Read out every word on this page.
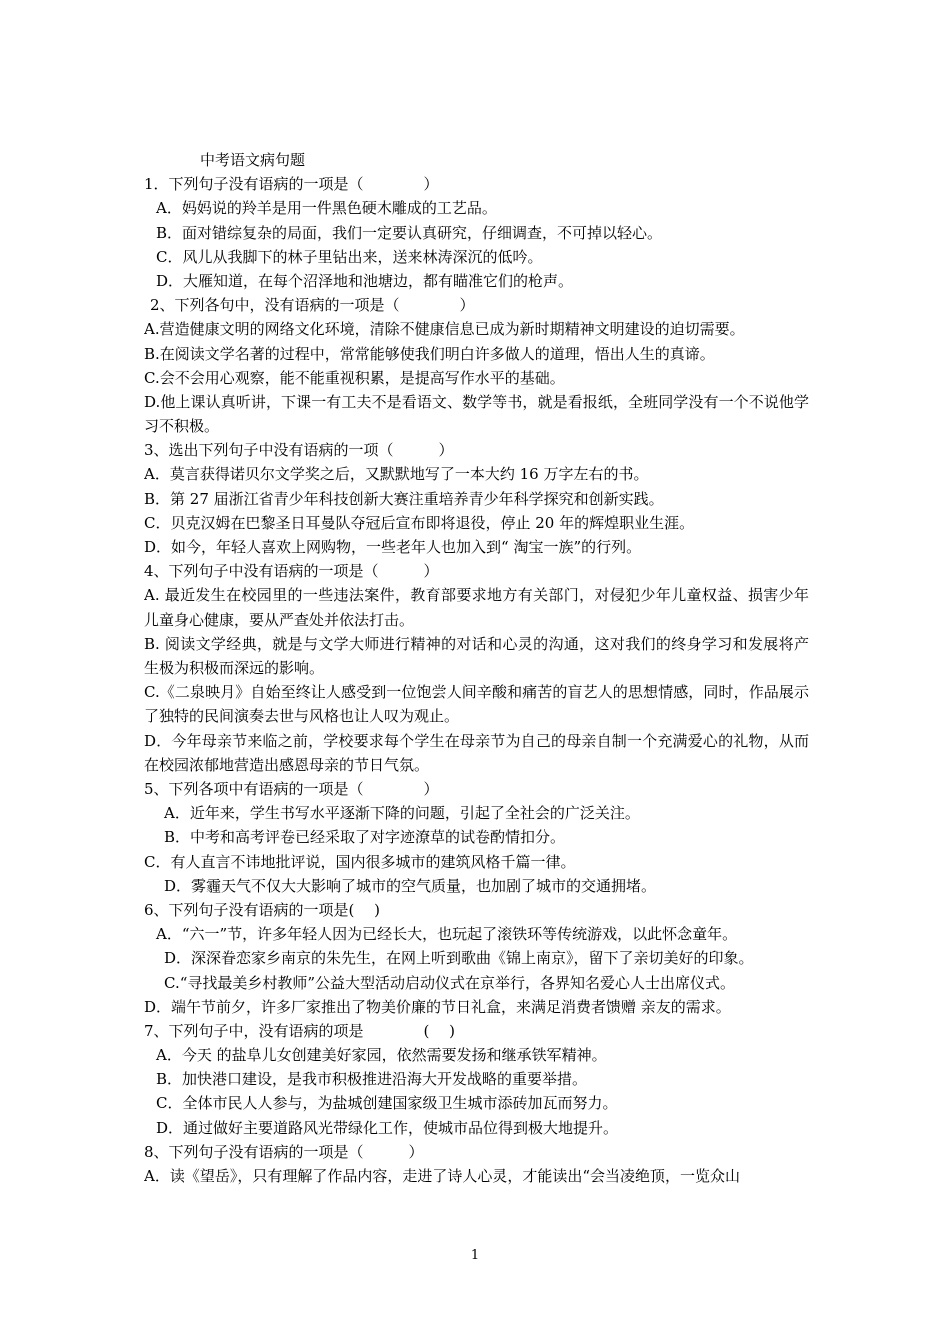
中考语文病句题
1．下列句子没有语病的一项是（　　　　）
A．妈妈说的羚羊是用一件黑色硬木雕成的工艺品。
B．面对错综复杂的局面，我们一定要认真研究，仔细调查，不可掉以轻心。
C．风儿从我脚下的林子里钻出来，送来林涛深沉的低吟。
D．大雁知道，在每个沼泽地和池塘边，都有瞄准它们的枪声。
2、下列各句中，没有语病的一项是（　　　　）
A.营造健康文明的网络文化环境，清除不健康信息已成为新时期精神文明建设的迫切需要。
B.在阅读文学名著的过程中，常常能够使我们明白许多做人的道理，悟出人生的真谛。
C.会不会用心观察，能不能重视积累，是提高写作水平的基础。
D.他上课认真听讲，下课一有工夫不是看语文、数学等书，就是看报纸，全班同学没有一个不说他学习不积极。
3、选出下列句子中没有语病的一项（　　　）
A．莫言获得诺贝尔文学奖之后，又默默地写了一本大约 16 万字左右的书。
B．第 27 届浙江省青少年科技创新大赛注重培养青少年科学探究和创新实践。
C．贝克汉姆在巴黎圣日耳曼队夺冠后宣布即将退役，停止 20 年的辉煌职业生涯。
D．如今，年轻人喜欢上网购物，一些老年人也加入到“ 淘宝一族”的行列。
4、下列句子中没有语病的一项是（　　　）
A. 最近发生在校园里的一些违法案件，教育部要求地方有关部门，对侵犯少年儿童权益、损害少年儿童身心健康，要从严查处并依法打击。
B. 阅读文学经典，就是与文学大师进行精神的对话和心灵的沟通，这对我们的终身学习和发展将产生极为积极而深远的影响。
C.《二泉映月》自始至终让人感受到一位饱尝人间辛酸和痛苦的盲艺人的思想情感，同时，作品展示了独特的民间演奏去世与风格也让人叹为观止。
D．今年母亲节来临之前，学校要求每个学生在母亲节为自己的母亲自制一个充满爱心的礼物，从而在校园浓郁地营造出感恩母亲的节日气氛。
5、下列各项中有语病的一项是（　　　　）
A．近年来，学生书写水平逐渐下降的问题，引起了全社会的广泛关注。
B．中考和高考评卷已经采取了对字迹潦草的试卷酌情扣分。
C．有人直言不讳地批评说，国内很多城市的建筑风格千篇一律。
D．雾霾天气不仅大大影响了城市的空气质量，也加剧了城市的交通拥堵。
6、下列句子没有语病的一项是(　 )
A．“六一”节，许多年轻人因为已经长大，也玩起了滚铁环等传统游戏，以此怀念童年。
D．深深眷恋家乡南京的朱先生，在网上听到歌曲《锦上南京》，留下了亲切美好的印象。
C.“寻找最美乡村教师”公益大型活动启动仪式在京举行，各界知名爱心人士出席仪式。
D．端午节前夕，许多厂家推出了物美价廉的节日礼盒，来满足消费者馈赠 亲友的需求。
7、下列句子中，没有语病的项是　　　　(　 )
A．今天 的盐阜儿女创建美好家园，依然需要发扬和继承铁军精神。
B．加快港口建设，是我市积极推进沿海大开发战略的重要举措。
C．全体市民人人参与，为盐城创建国家级卫生城市添砖加瓦而努力。
D．通过做好主要道路风光带绿化工作，使城市品位得到极大地提升。
8、下列句子没有语病的一项是（　　　）
A．读《望岳》，只有理解了作品内容，走进了诗人心灵，才能读出“会当凌绝顶，一览众山
1
